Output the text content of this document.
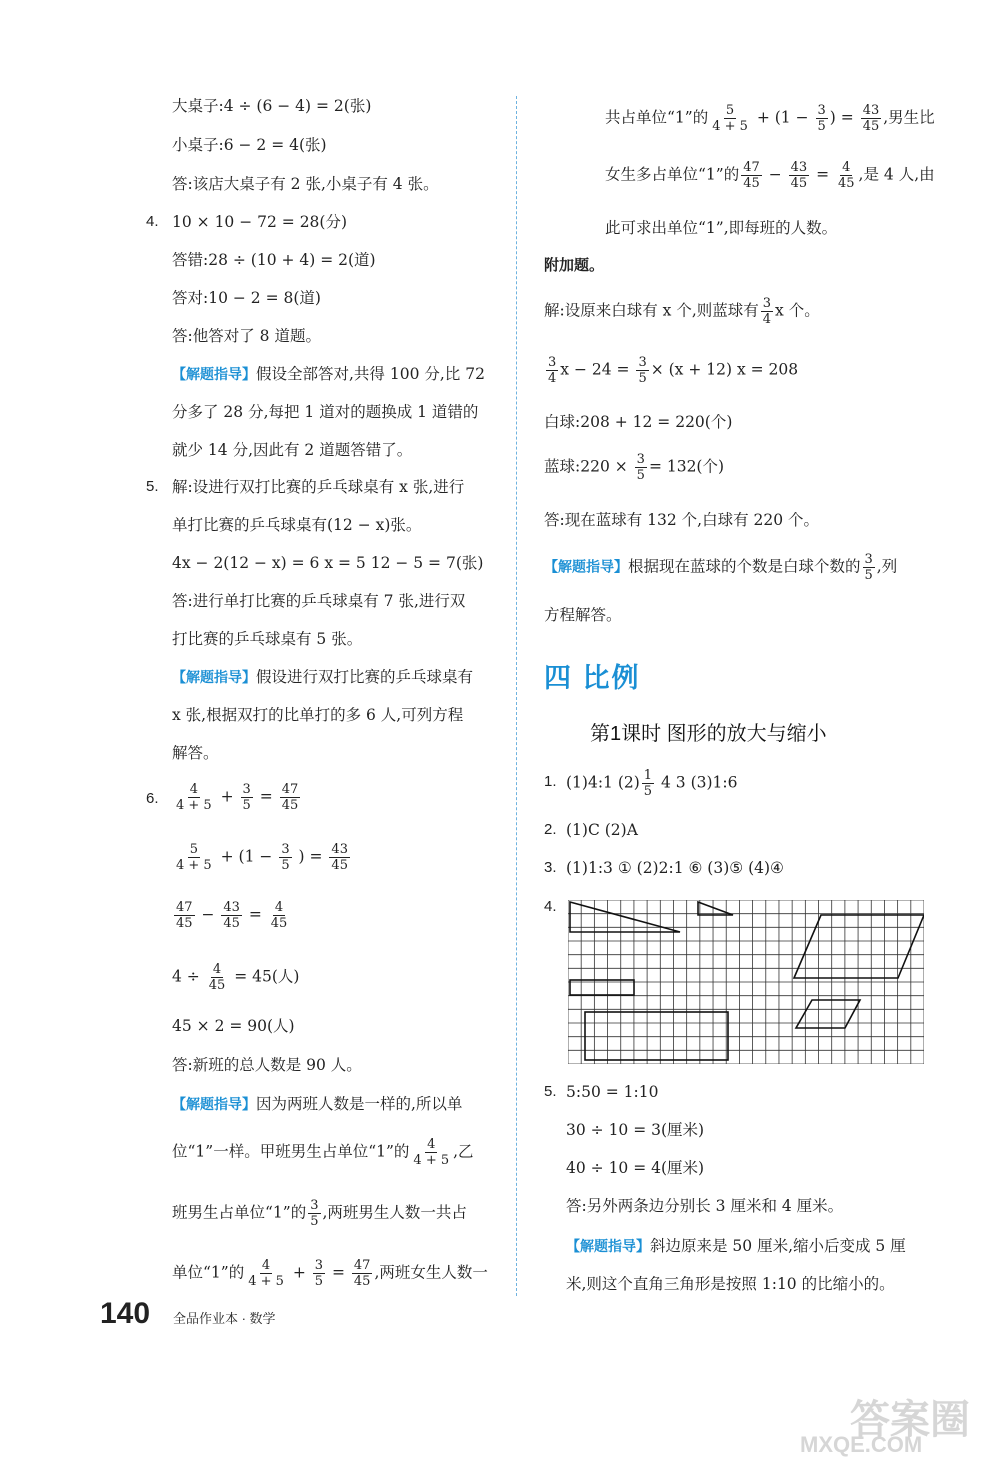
大桌子:4 ÷ (6 − 4) = 2(张)
小桌子:6 − 2 = 4(张)
答:该店大桌子有 2 张,小桌子有 4 张。
4. 10 × 10 − 72 = 28(分)
答错:28 ÷ (10 + 4) = 2(道)
答对:10 − 2 = 8(道)
答:他答对了 8 道题。
【解题指导】假设全部答对,共得 100 分,比 72
分多了 28 分,每把 1 道对的题换成 1 道错的
就少 14 分,因此有 2 道题答错了。
5. 解:设进行双打比赛的乒乓球桌有 x 张,进行
单打比赛的乒乓球桌有(12 − x)张。
4x − 2(12 − x) = 6 x = 5 12 − 5 = 7(张)
答:进行单打比赛的乒乓球桌有 7 张,进行双
打比赛的乒乓球桌有 5 张。
【解题指导】假设进行双打比赛的乒乓球桌有
x 张,根据双打的比单打的多 6 人,可列方程
解答。
6. $\frac{4}{4 + 5} + \frac{3}{5} = \frac{47}{45}$
$\frac{5}{4 + 5} + (1 - \frac{3}{5}$ ) = $\frac{43}{45}$
$\frac{47}{45} - \frac{43}{45} = \frac{4}{45}$
$4 \div \frac{4}{45} = 45$(人)
45 × 2 = 90(人)
答:新班的总人数是 90 人。
【解题指导】因为两班人数是一样的,所以单
位“1”一样。甲班男生占单位“1”的 $\frac{4}{4 + 5}$ ,乙
班男生占单位“1”的 $\frac{3}{5}$ ,两班男生人数一共占
单位“1”的 $\frac{4}{4 + 5} + \frac{3}{5} = \frac{47}{45}$ ,两班女生人数一
共占单位“1”的 $\frac{5}{4 + 5} + (1 - \frac{3}{5}$ ) = $\frac{43}{45}$ ,男生比
女生多占单位“1”的 $\frac{47}{45} - \frac{43}{45} = \frac{4}{45}$ ,是 4 人,由
此可求出单位“1”,即每班的人数。
附加题。
解:设原来白球有 x 个,则蓝球有 $\frac{3}{4}$ x 个。
$\frac{3}{4}$ $x - 24 = \frac{3}{5} \times (x + 12) x = 208$
白球:208 + 12 = 220(个)
蓝球:220 × $\frac{3}{5} = 132$(个)
答:现在蓝球有 132 个,白球有 220 个。
【解题指导】根据现在蓝球的个数是白球个数的 $\frac{3}{5}$ ,列
方程解答。
四 比例
第1课时 图形的放大与缩小
1. (1)4:1 $(2) \frac{1}{5} 4$ 3 (3)1:6
2. (1)C (2)A
3. (1)1:3 ① (2)2:1 ⑥ (3)⑤ (4)④
4.
5. 5:50 = 1:10
30 ÷ 10 = 3(厘米)
40 ÷ 10 = 4(厘米)
答:另外两条边分别长 3 厘米和 4 厘米。
【解题指导】斜边原来是 50 厘米,缩小后变成 5 厘
米,则这个直角三角形是按照 1:10 的比缩小的。
140 全品作业本 · 数学
答案圈
MXQE.COM
